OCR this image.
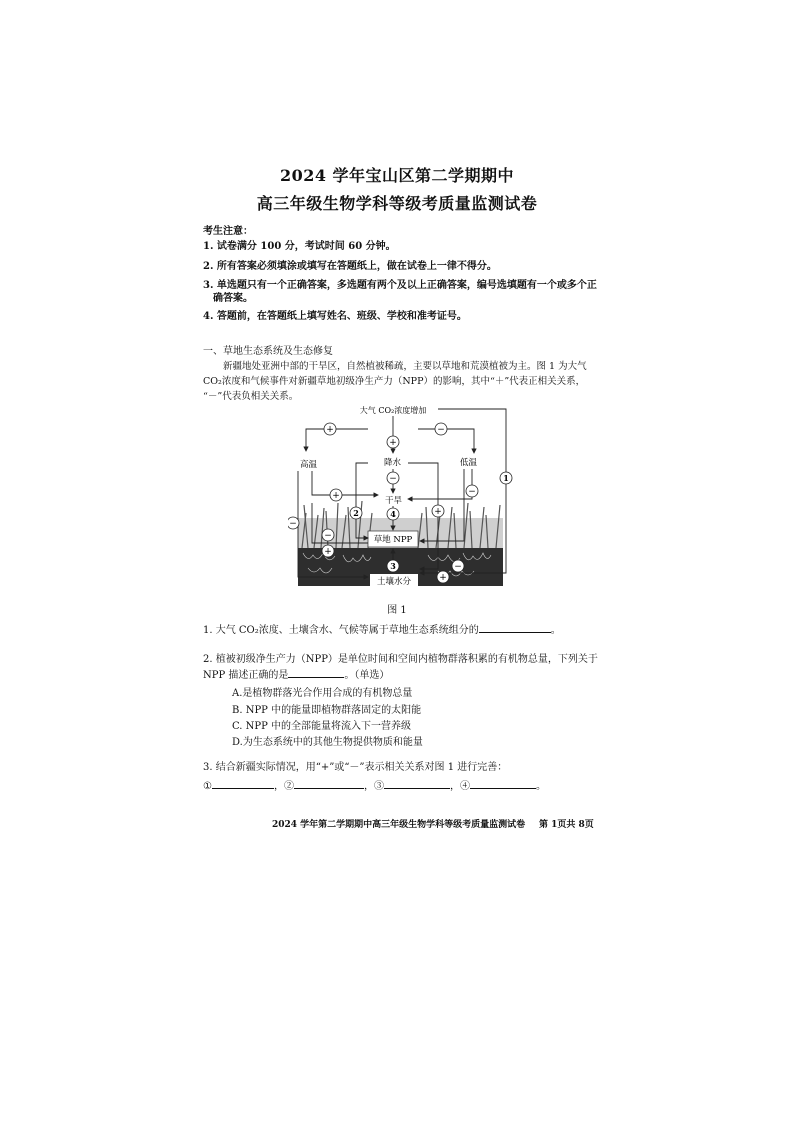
2024 学年宝山区第二学期期中
高三年级生物学科等级考质量监测试卷
考生注意：
1. 试卷满分 100 分，考试时间 60 分钟。
2. 所有答案必须填涂或填写在答题纸上，做在试卷上一律不得分。
3. 单选题只有一个正确答案，多选题有两个及以上正确答案，编号选填题有一个或多个正
确答案。
4. 答题前，在答题纸上填写姓名、班级、学校和准考证号。
一、草地生态系统及生态修复
新疆地处亚洲中部的干旱区，自然植被稀疏，主要以草地和荒漠植被为主。图 1 为大气
CO₂浓度和气候事件对新疆草地初级净生产力（NPP）的影响，其中“＋”代表正相关关系，
“－”代表负相关关系。
大气 CO₂浓度增加
高温	降水	低温
干旱
草地 NPP
土壤水分
+
+
−
−
+	−
+
−
−
+
−
+
1
2
3
4
图 1
1. 大气 CO₂浓度、土壤含水、气候等属于草地生态系统组分的	。
2. 植被初级净生产力（NPP）是单位时间和空间内植物群落积累的有机物总量，下列关于
NPP 描述正确的是	。（单选）
A.是植物群落光合作用合成的有机物总量
B. NPP 中的能量即植物群落固定的太阳能
C. NPP 中的全部能量将流入下一营养级
D.为生态系统中的其他生物提供物质和能量
3. 结合新疆实际情况，用“+”或“－”表示相关关系对图 1 进行完善：
①	，②	，③	，④	。
2024 学年第二学期期中高三年级生物学科等级考质量监测试卷 第 1页共 8页
